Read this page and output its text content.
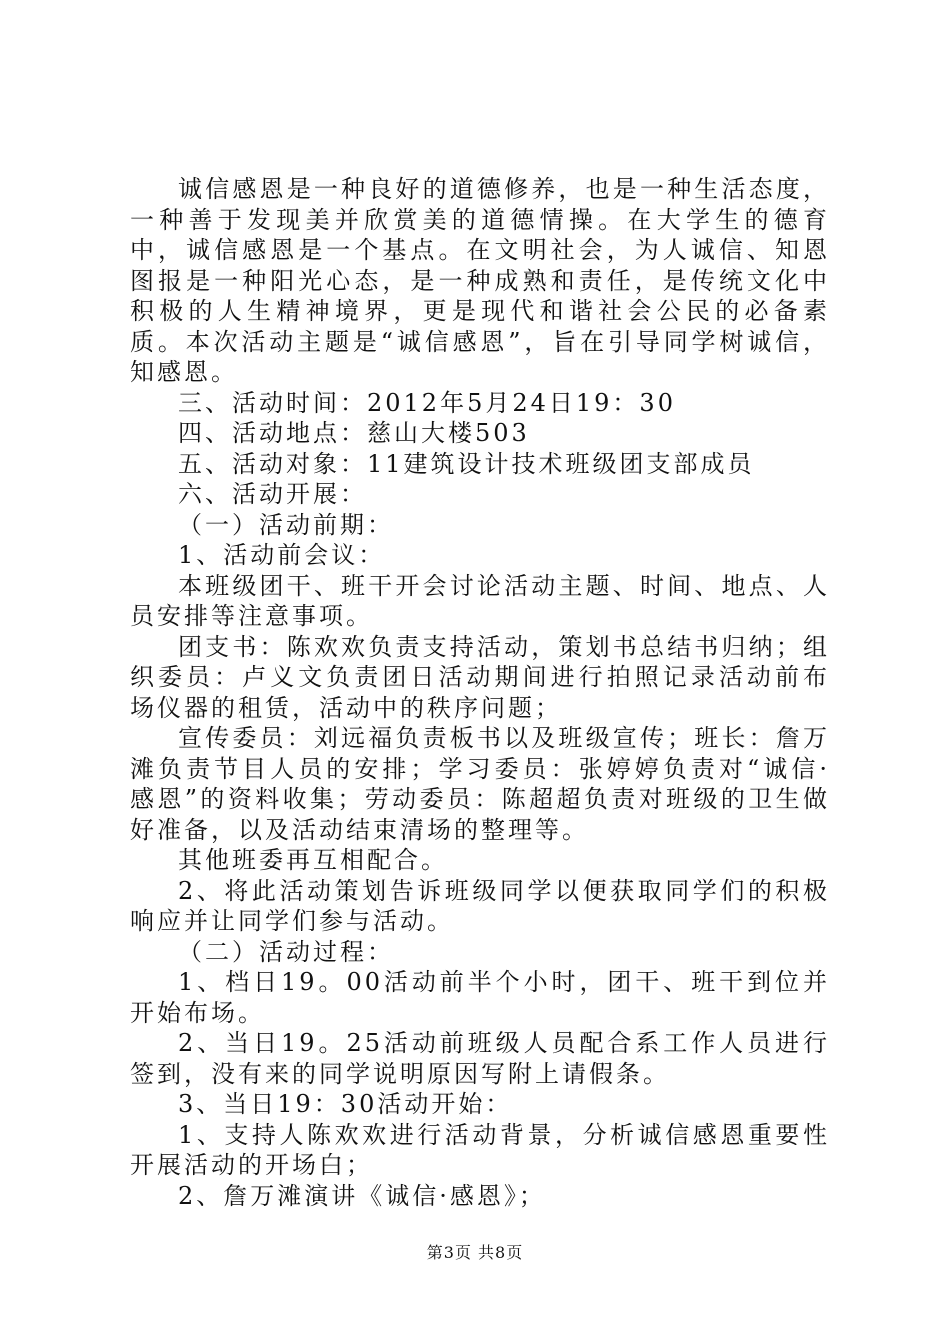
诚信感恩是一种良好的道德修养，也是一种生活态度，一种善于发现美并欣赏美的道德情操。在大学生的德育中，诚信感恩是一个基点。在文明社会，为人诚信、知恩图报是一种阳光心态，是一种成熟和责任，是传统文化中积极的人生精神境界，更是现代和谐社会公民的必备素质。本次活动主题是“诚信感恩”，旨在引导同学树诚信，知感恩。

三、活动时间：2012年5月24日19：30

四、活动地点：慈山大楼503

五、活动对象：11建筑设计技术班级团支部成员

六、活动开展：

（一）活动前期：

1、活动前会议：

本班级团干、班干开会讨论活动主题、时间、地点、人员安排等注意事项。

团支书：陈欢欢负责支持活动，策划书总结书归纳；组织委员：卢义文负责团日活动期间进行拍照记录活动前布场仪器的租赁，活动中的秩序问题；

宣传委员：刘远福负责板书以及班级宣传；班长：詹万滩负责节目人员的安排；学习委员：张婷婷负责对“诚信·感恩”的资料收集；劳动委员：陈超超负责对班级的卫生做好准备，以及活动结束清场的整理等。

其他班委再互相配合。

2、将此活动策划告诉班级同学以便获取同学们的积极响应并让同学们参与活动。

（二）活动过程：

1、档日19。00活动前半个小时，团干、班干到位并开始布场。

2、当日19。25活动前班级人员配合系工作人员进行签到，没有来的同学说明原因写附上请假条。

3、当日19：30活动开始：

1、支持人陈欢欢进行活动背景，分析诚信感恩重要性开展活动的开场白；

2、詹万滩演讲《诚信·感恩》；

第3页 共8页
